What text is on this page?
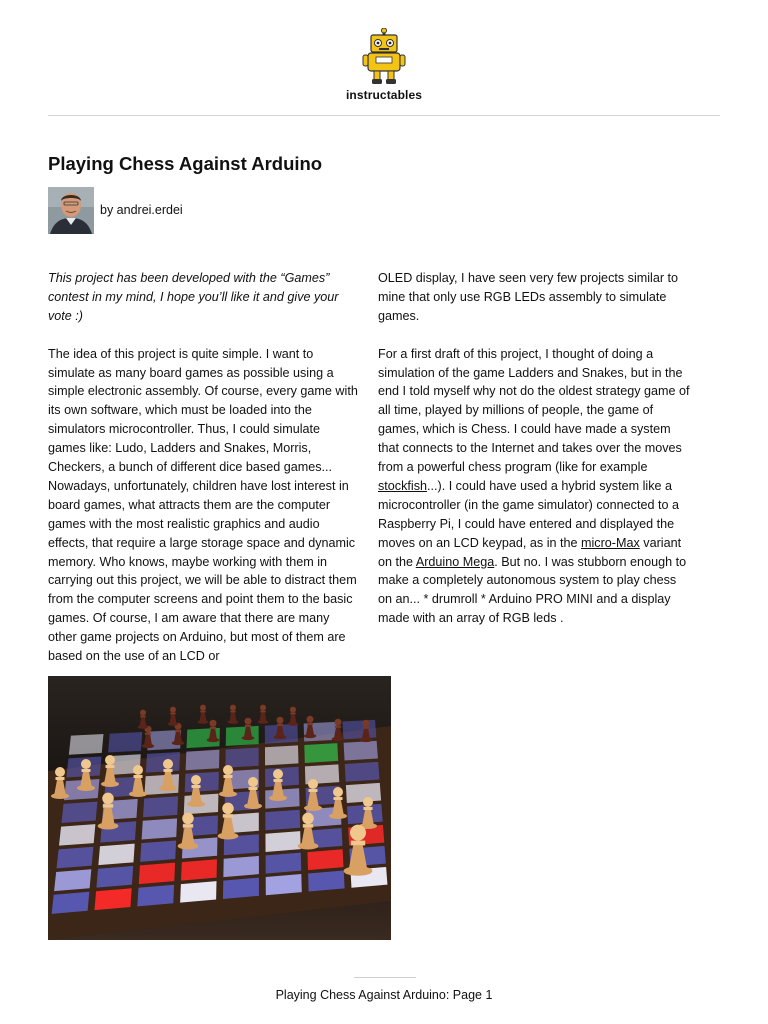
instructables
Playing Chess Against Arduino
by andrei.erdei

This project has been developed with the “Games” contest in my mind, I hope you’ll like it and give your vote :)

The idea of this project is quite simple. I want to simulate as many board games as possible using a simple electronic assembly. Of course, every game with its own software, which must be loaded into the simulators microcontroller. Thus, I could simulate games like: Ludo, Ladders and Snakes, Morris, Checkers, a bunch of different dice based games... Nowadays, unfortunately, children have lost interest in board games, what attracts them are the computer games with the most realistic graphics and audio effects, that require a large storage space and dynamic memory. Who knows, maybe working with them in carrying out this project, we will be able to distract them from the computer screens and point them to the basic games. Of course, I am aware that there are many other game projects on Arduino, but most of them are based on the use of an LCD or

OLED display, I have seen very few projects similar to mine that only use RGB LEDs assembly to simulate games.

For a first draft of this project, I thought of doing a simulation of the game Ladders and Snakes, but in the end I told myself why not do the oldest strategy game of all time, played by millions of people, the game of games, which is Chess. I could have made a system that connects to the Internet and takes over the moves from a powerful chess program (like for example stockfish...). I could have used a hybrid system like a microcontroller (in the game simulator) connected to a Raspberry Pi, I could have entered and displayed the moves on an LCD keypad, as in the micro-Max variant on the Arduino Mega. But no. I was stubborn enough to make a completely autonomous system to play chess on an... * drumroll * Arduino PRO MINI and a display made with an array of RGB leds .

Playing Chess Against Arduino: Page 1
